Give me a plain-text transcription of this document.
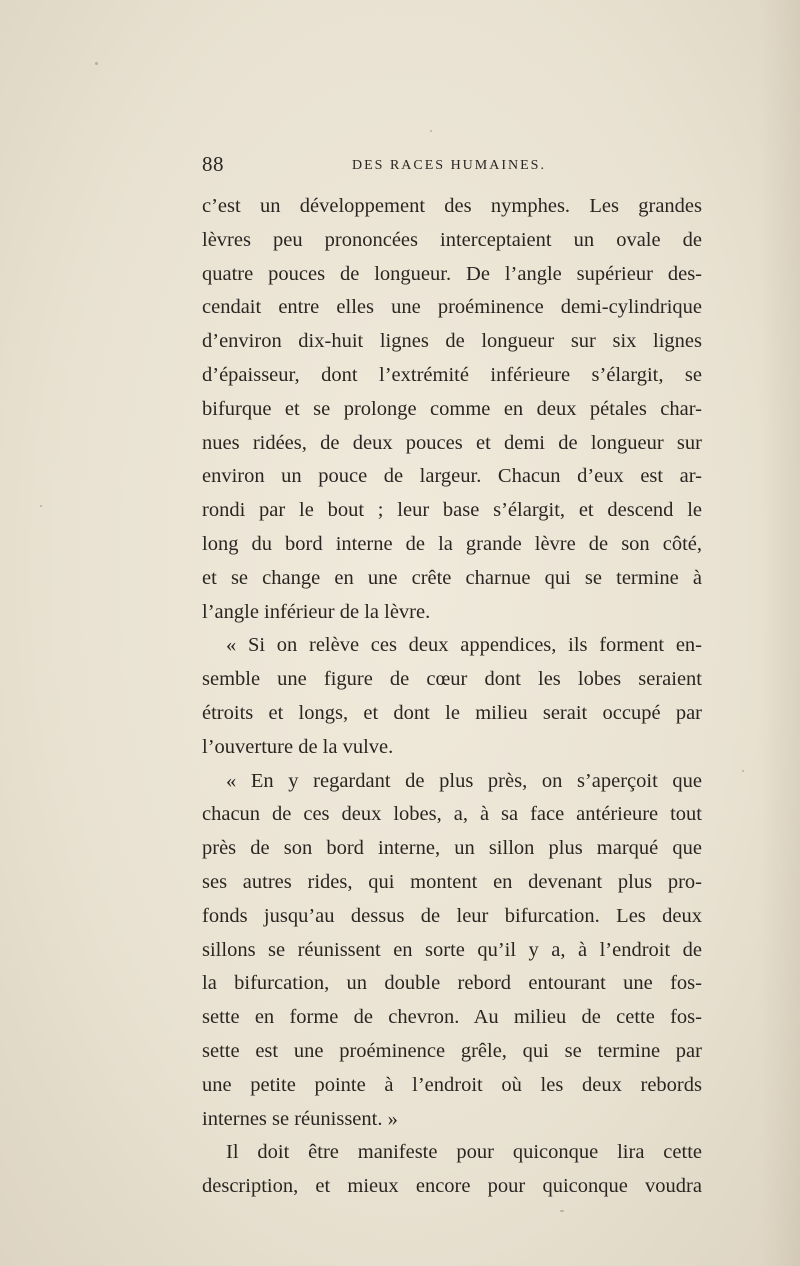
88	DES RACES HUMAINES.
c’est un développement des nymphes. Les grandes
lèvres peu prononcées interceptaient un ovale de
quatre pouces de longueur. De l’angle supérieur des-
cendait entre elles une proéminence demi-cylindrique
d’environ dix-huit lignes de longueur sur six lignes
d’épaisseur, dont l’extrémité inférieure s’élargit, se
bifurque et se prolonge comme en deux pétales char-
nues ridées, de deux pouces et demi de longueur sur
environ un pouce de largeur. Chacun d’eux est ar-
rondi par le bout ; leur base s’élargit, et descend le
long du bord interne de la grande lèvre de son côté,
et se change en une crête charnue qui se termine à
l’angle inférieur de la lèvre.
« Si on relève ces deux appendices, ils forment en-
semble une figure de cœur dont les lobes seraient
étroits et longs, et dont le milieu serait occupé par
l’ouverture de la vulve.
« En y regardant de plus près, on s’aperçoit que
chacun de ces deux lobes, a, à sa face antérieure tout
près de son bord interne, un sillon plus marqué que
ses autres rides, qui montent en devenant plus pro-
fonds jusqu’au dessus de leur bifurcation. Les deux
sillons se réunissent en sorte qu’il y a, à l’endroit de
la bifurcation, un double rebord entourant une fos-
sette en forme de chevron. Au milieu de cette fos-
sette est une proéminence grêle, qui se termine par
une petite pointe à l’endroit où les deux rebords
internes se réunissent. »
Il doit être manifeste pour quiconque lira cette
description, et mieux encore pour quiconque voudra
